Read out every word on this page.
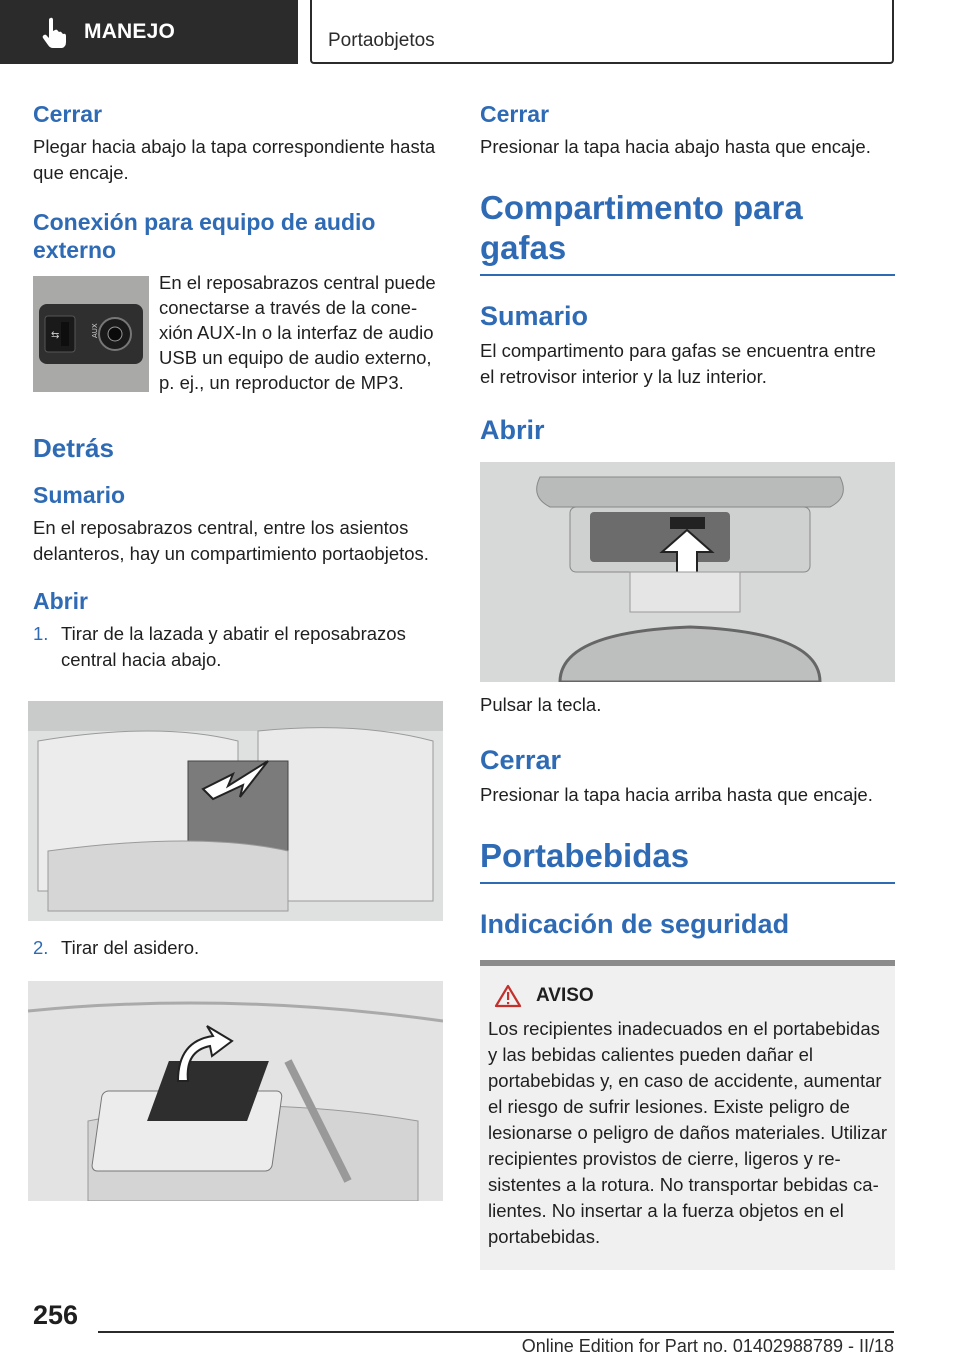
MANEJO	Portaobjetos
Cerrar

Plegar hacia abajo la tapa correspondiente hasta que encaje.

Conexión para equipo de audio externo
⇆	AUX
En el reposabrazos central puede conectarse a través de la conexión AUX-In o la interfaz de audio USB un equipo de audio externo, p. ej., un reproductor de MP3.
Detrás
Sumario

En el reposabrazos central, entre los asientos delanteros, hay un compartimiento portaobjetos.

Abrir
1. Tirar de la lazada y abatir el reposabrazos central hacia abajo.
2. Tirar del asidero.
Cerrar

Presionar la tapa hacia abajo hasta que encaje.

Compartimento para gafas
Sumario

El compartimento para gafas se encuentra entre el retrovisor interior y la luz interior.

Abrir

Pulsar la tecla.

Cerrar

Presionar la tapa hacia arriba hasta que encaje.

Portabebidas
Indicación de seguridad
AVISO

Los recipientes inadecuados en el portabebidas y las bebidas calientes pueden dañar el portabebidas y, en caso de accidente, aumentar el riesgo de sufrir lesiones. Existe peligro de lesionarse o peligro de daños materiales. Utilizar recipientes provistos de cierre, ligeros y resistentes a la rotura. No transportar bebidas calientes. No insertar a la fuerza objetos en el portabebidas.

256
Online Edition for Part no. 01402988789 - II/18
